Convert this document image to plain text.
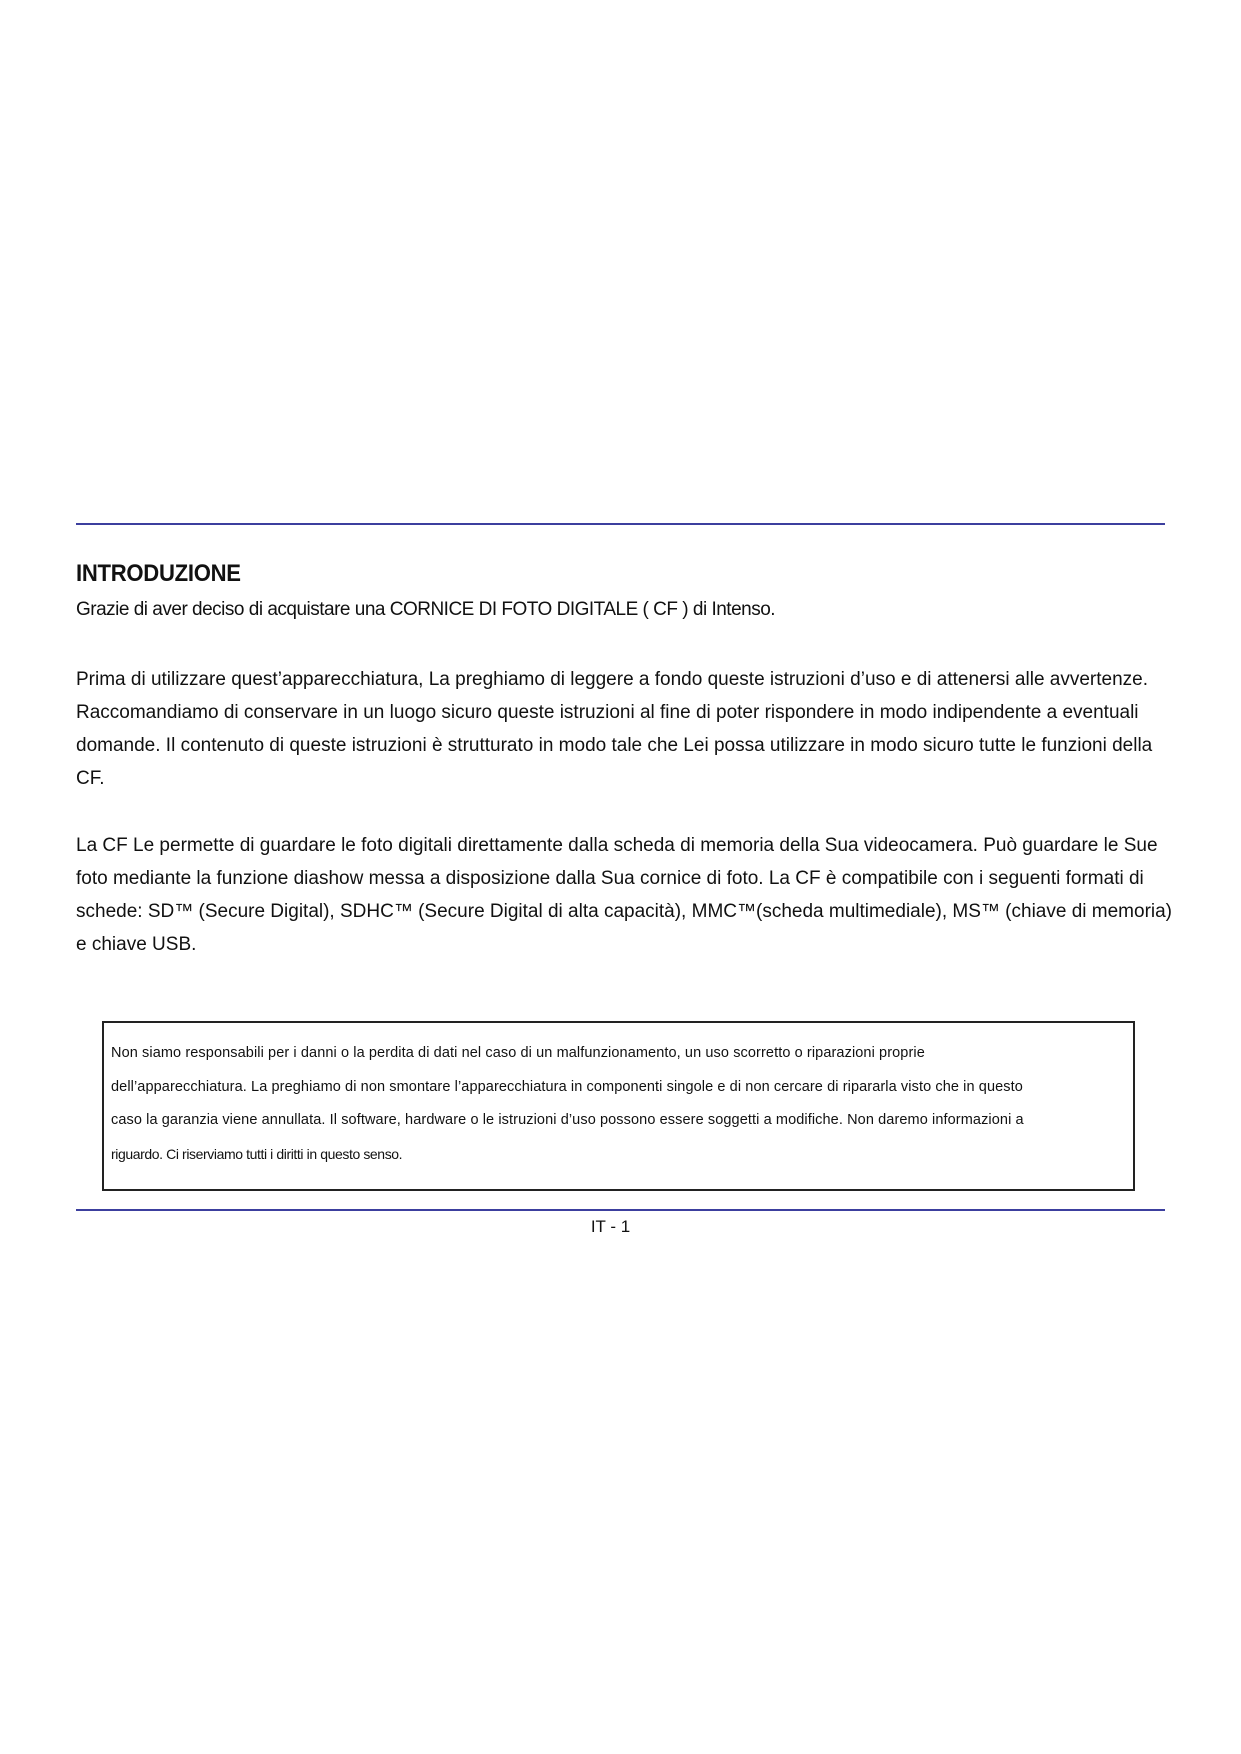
INTRODUZIONE
Grazie di aver deciso di acquistare una CORNICE DI FOTO DIGITALE ( CF ) di Intenso.

Prima di utilizzare quest’apparecchiatura, La preghiamo di leggere a fondo queste istruzioni d’uso e di attenersi alle avvertenze.

Raccomandiamo di conservare in un luogo sicuro queste istruzioni al fine di poter rispondere in modo indipendente a eventuali

domande. Il contenuto di queste istruzioni è strutturato in modo tale che Lei possa utilizzare in modo sicuro tutte le funzioni della

CF.

La CF Le permette di guardare le foto digitali direttamente dalla scheda di memoria della Sua videocamera. Può guardare le Sue

foto mediante la funzione diashow messa a disposizione dalla Sua cornice di foto. La CF è compatibile con i seguenti formati di

schede: SD™ (Secure Digital), SDHC™ (Secure Digital di alta capacità), MMC™(scheda multimediale), MS™ (chiave di memoria)

e chiave USB.

Non siamo responsabili per i danni o la perdita di dati nel caso di un malfunzionamento, un uso scorretto o riparazioni proprie

dell’apparecchiatura. La preghiamo di non smontare l’apparecchiatura in componenti singole e di non cercare di ripararla visto che in questo

caso la garanzia viene annullata. Il software, hardware o le istruzioni d’uso possono essere soggetti a modifiche. Non daremo informazioni a

riguardo. Ci riserviamo tutti i diritti in questo senso.

IT - 1
